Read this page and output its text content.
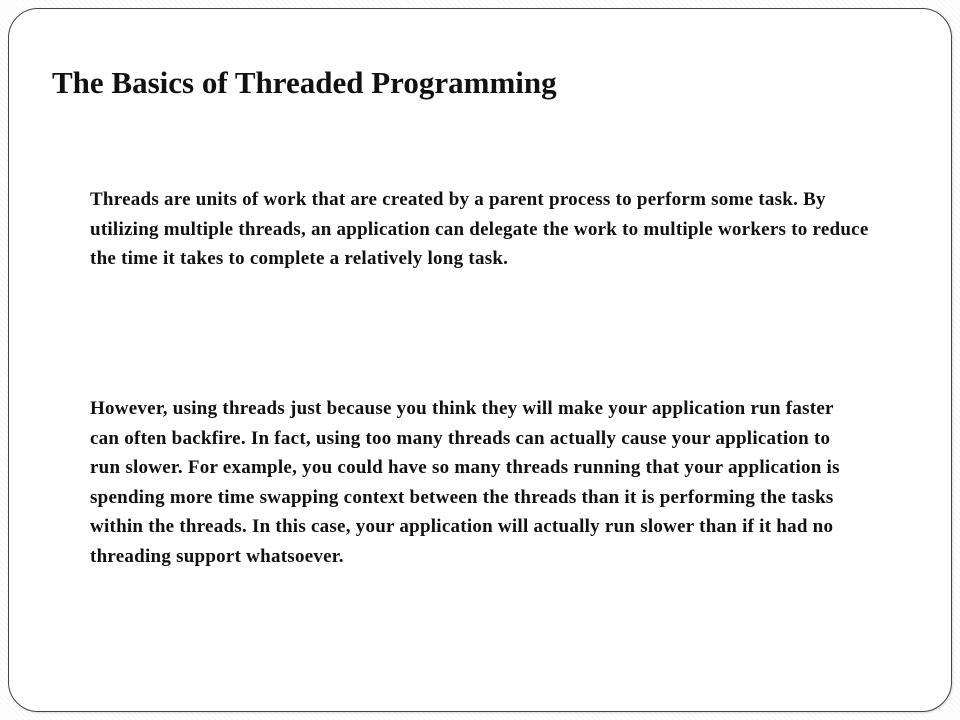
The Basics of Threaded Programming

Threads are units of work that are created by a parent process to perform some task. By utilizing multiple threads, an application can delegate the work to multiple workers to reduce the time it takes to complete a relatively long task.

However, using threads just because you think they will make your application run faster can often backfire. In fact, using too many threads can actually cause your application to run slower. For example, you could have so many threads running that your application is spending more time swapping context between the threads than it is performing the tasks within the threads. In this case, your application will actually run slower than if it had no threading support whatsoever.
